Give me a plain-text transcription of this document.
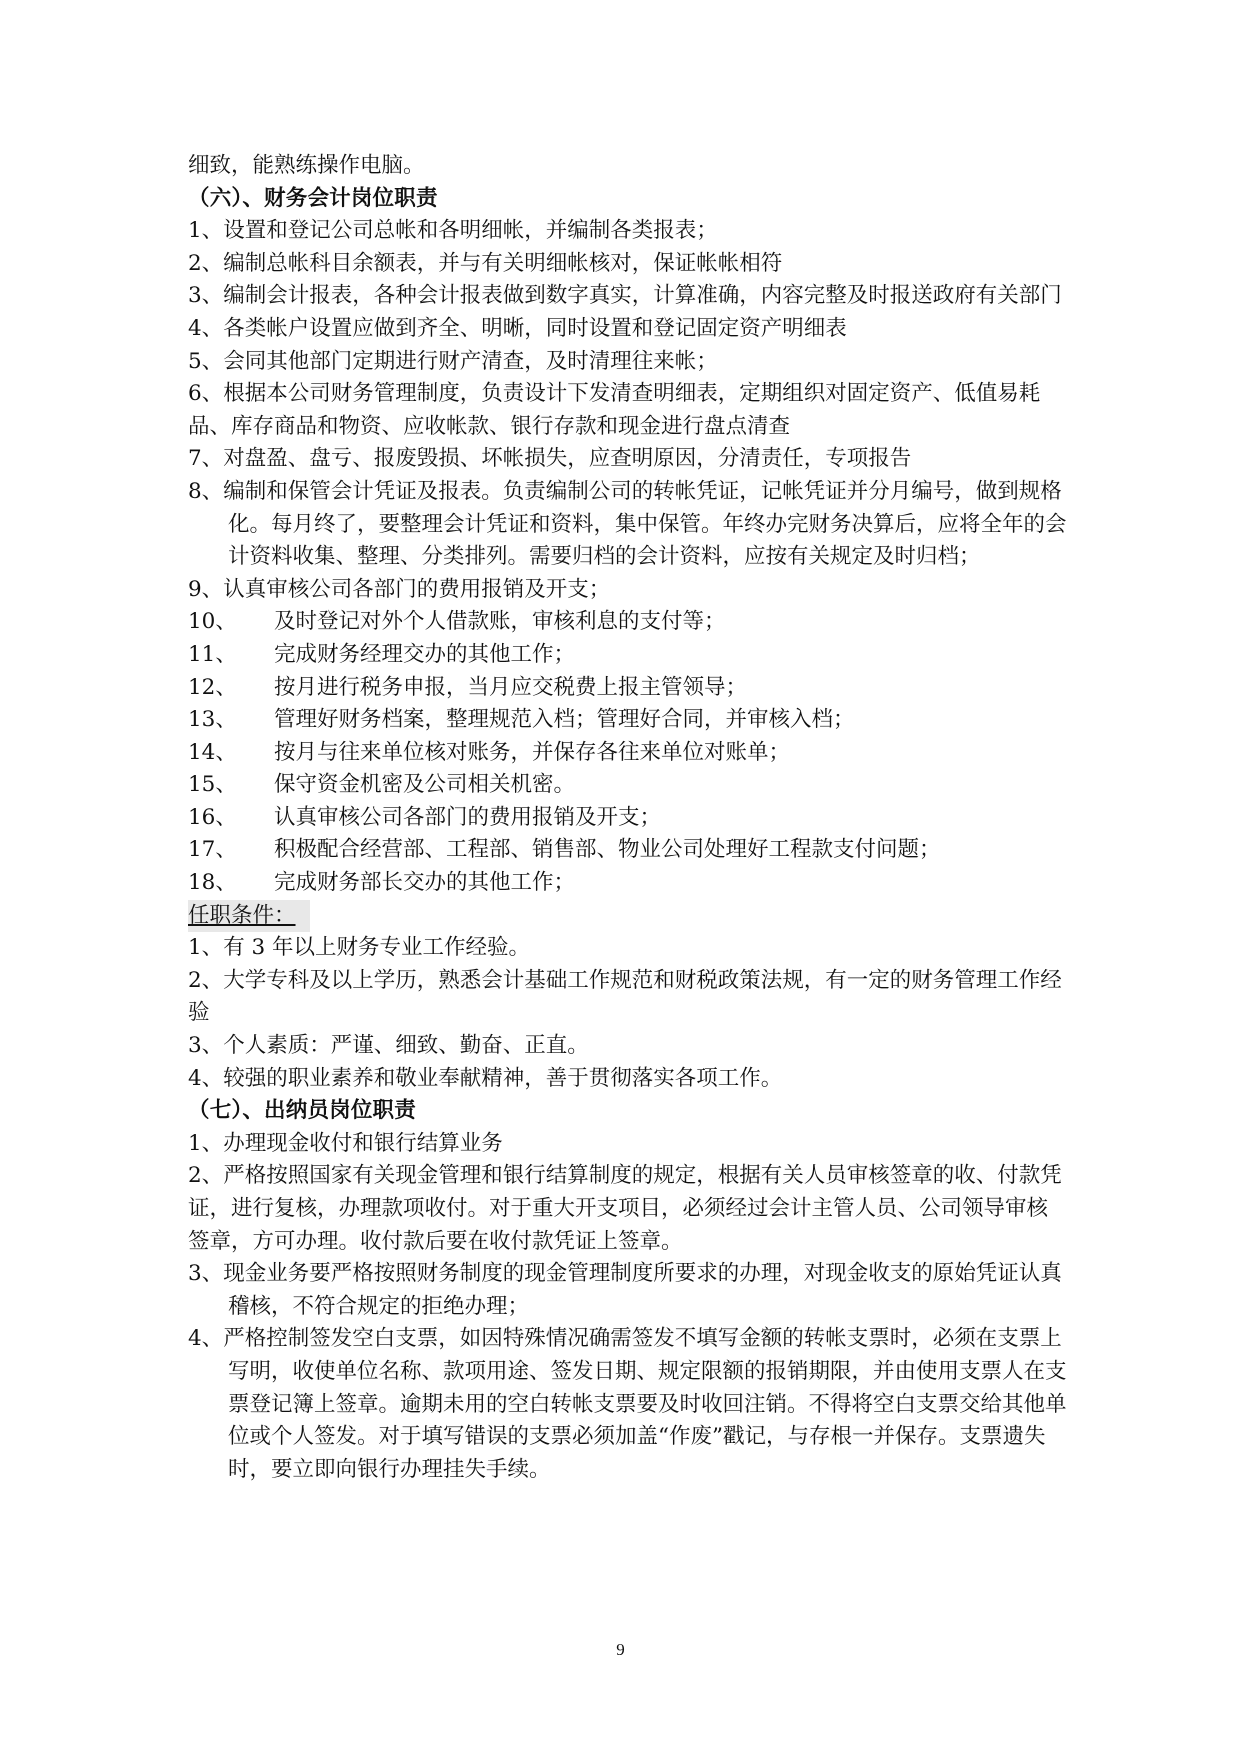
细致，能熟练操作电脑。
（六）、财务会计岗位职责
1、设置和登记公司总帐和各明细帐，并编制各类报表；
2、编制总帐科目余额表，并与有关明细帐核对，保证帐帐相符
3、编制会计报表，各种会计报表做到数字真实，计算准确，内容完整及时报送政府有关部门
4、各类帐户设置应做到齐全、明晰，同时设置和登记固定资产明细表
5、会同其他部门定期进行财产清查，及时清理往来帐；
6、根据本公司财务管理制度，负责设计下发清查明细表，定期组织对固定资产、低值易耗品、库存商品和物资、应收帐款、银行存款和现金进行盘点清查
7、对盘盈、盘亏、报废毁损、坏帐损失，应查明原因，分清责任，专项报告
8、编制和保管会计凭证及报表。负责编制公司的转帐凭证，记帐凭证并分月编号，做到规格化。每月终了，要整理会计凭证和资料，集中保管。年终办完财务决算后，应将全年的会计资料收集、整理、分类排列。需要归档的会计资料，应按有关规定及时归档；
9、认真审核公司各部门的费用报销及开支；
10、 及时登记对外个人借款账，审核利息的支付等；
11、 完成财务经理交办的其他工作；
12、 按月进行税务申报，当月应交税费上报主管领导；
13、 管理好财务档案，整理规范入档；管理好合同，并审核入档；
14、 按月与往来单位核对账务，并保存各往来单位对账单；
15、 保守资金机密及公司相关机密。
16、 认真审核公司各部门的费用报销及开支；
17、 积极配合经营部、工程部、销售部、物业公司处理好工程款支付问题；
18、 完成财务部长交办的其他工作；
任职条件：
1、有 3 年以上财务专业工作经验。
2、大学专科及以上学历，熟悉会计基础工作规范和财税政策法规，有一定的财务管理工作经验
3、个人素质：严谨、细致、勤奋、正直。
4、较强的职业素养和敬业奉献精神，善于贯彻落实各项工作。
（七）、出纳员岗位职责
1、办理现金收付和银行结算业务
2、严格按照国家有关现金管理和银行结算制度的规定，根据有关人员审核签章的收、付款凭证，进行复核，办理款项收付。对于重大开支项目，必须经过会计主管人员、公司领导审核签章，方可办理。收付款后要在收付款凭证上签章。
3、现金业务要严格按照财务制度的现金管理制度所要求的办理，对现金收支的原始凭证认真稽核，不符合规定的拒绝办理；
4、严格控制签发空白支票，如因特殊情况确需签发不填写金额的转帐支票时，必须在支票上写明，收使单位名称、款项用途、签发日期、规定限额的报销期限，并由使用支票人在支票登记簿上签章。逾期未用的空白转帐支票要及时收回注销。不得将空白支票交给其他单位或个人签发。对于填写错误的支票必须加盖“作废”戳记，与存根一并保存。支票遗失时，要立即向银行办理挂失手续。
9
